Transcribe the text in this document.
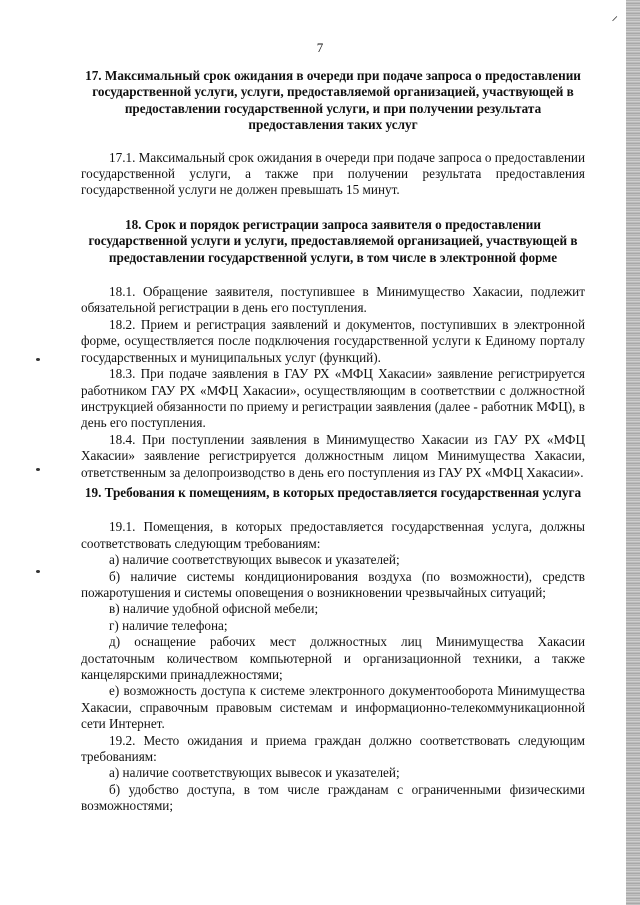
⸝
7
17. Максимальный срок ожидания в очереди при подаче запроса о предоставлении государственной услуги, услуги, предоставляемой организацией, участвующей в предоставлении государственной услуги, и при получении результата предоставления таких услуг

17.1. Максимальный срок ожидания в очереди при подаче запроса о предоставлении государственной услуги, а также при получении результата предоставления государственной услуги не должен превышать 15 минут.

18. Срок и порядок регистрации запроса заявителя о предоставлении государственной услуги и услуги, предоставляемой организацией, участвующей в предоставлении государственной услуги, в том числе в электронной форме

18.1. Обращение заявителя, поступившее в Минимущество Хакасии, подлежит обязательной регистрации в день его поступления.

18.2. Прием и регистрация заявлений и документов, поступивших в электронной форме, осуществляется после подключения государственной услуги к Единому порталу государственных и муниципальных услуг (функций).

18.3. При подаче заявления в ГАУ РХ «МФЦ Хакасии» заявление регистрируется работником ГАУ РХ «МФЦ Хакасии», осуществляющим в соответствии с должностной инструкцией обязанности по приему и регистрации заявления (далее - работник МФЦ), в день его поступления.

18.4. При поступлении заявления в Минимущество Хакасии из ГАУ РХ «МФЦ Хакасии» заявление регистрируется должностным лицом Минимущества Хакасии, ответственным за делопроизводство в день его поступления из ГАУ РХ «МФЦ Хакасии».

19. Требования к помещениям, в которых предоставляется государственная услуга

19.1. Помещения, в которых предоставляется государственная услуга, должны соответствовать следующим требованиям:

а) наличие соответствующих вывесок и указателей;

б) наличие системы кондиционирования воздуха (по возможности), средств пожаротушения и системы оповещения о возникновении чрезвычайных ситуаций;

в) наличие удобной офисной мебели;

г) наличие телефона;

д) оснащение рабочих мест должностных лиц Минимущества Хакасии достаточным количеством компьютерной и организационной техники, а также канцелярскими принадлежностями;

е) возможность доступа к системе электронного документооборота Минимущества Хакасии, справочным правовым системам и информационно-телекоммуникационной сети Интернет.

19.2. Место ожидания и приема граждан должно соответствовать следующим требованиям:

а) наличие соответствующих вывесок и указателей;

б) удобство доступа, в том числе гражданам с ограниченными физическими возможностями;
